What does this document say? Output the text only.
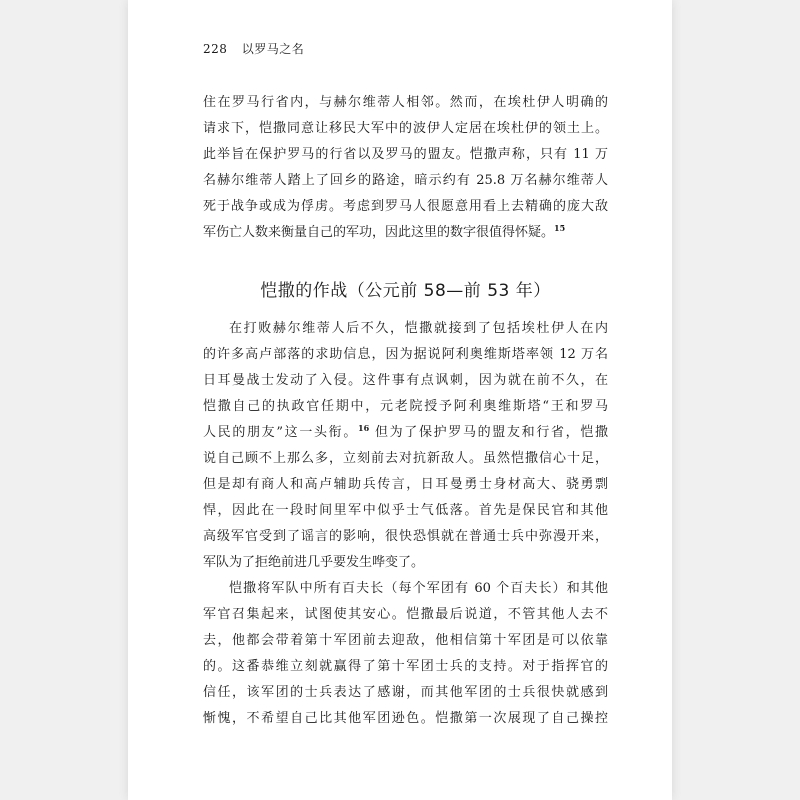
228 以罗马之名
住在罗马行省内，与赫尔维蒂人相邻。然而，在埃杜伊人明确的
请求下，恺撒同意让移民大军中的波伊人定居在埃杜伊的领土上。
此举旨在保护罗马的行省以及罗马的盟友。恺撒声称，只有 11 万
名赫尔维蒂人踏上了回乡的路途，暗示约有 25.8 万名赫尔维蒂人
死于战争或成为俘虏。考虑到罗马人很愿意用看上去精确的庞大敌
军伤亡人数来衡量自己的军功，因此这里的数字很值得怀疑。$^{15}$
恺撒的作战（公元前 58—前 53 年）
在打败赫尔维蒂人后不久，恺撒就接到了包括埃杜伊人在内
的许多高卢部落的求助信息，因为据说阿利奥维斯塔率领 12 万名
日耳曼战士发动了入侵。这件事有点讽刺，因为就在前不久，在
恺撒自己的执政官任期中，元老院授予阿利奥维斯塔“王和罗马
人民的朋友”这一头衔。$^{16}$ 但为了保护罗马的盟友和行省，恺撒
说自己顾不上那么多，立刻前去对抗新敌人。虽然恺撒信心十足，
但是却有商人和高卢辅助兵传言，日耳曼勇士身材高大、骁勇剽
悍，因此在一段时间里军中似乎士气低落。首先是保民官和其他
高级军官受到了谣言的影响，很快恐惧就在普通士兵中弥漫开来，
军队为了拒绝前进几乎要发生哗变了。
恺撒将军队中所有百夫长（每个军团有 60 个百夫长）和其他
军官召集起来，试图使其安心。恺撒最后说道，不管其他人去不
去，他都会带着第十军团前去迎敌，他相信第十军团是可以依靠
的。这番恭维立刻就赢得了第十军团士兵的支持。对于指挥官的
信任，该军团的士兵表达了感谢，而其他军团的士兵很快就感到
惭愧，不希望自己比其他军团逊色。恺撒第一次展现了自己操控
